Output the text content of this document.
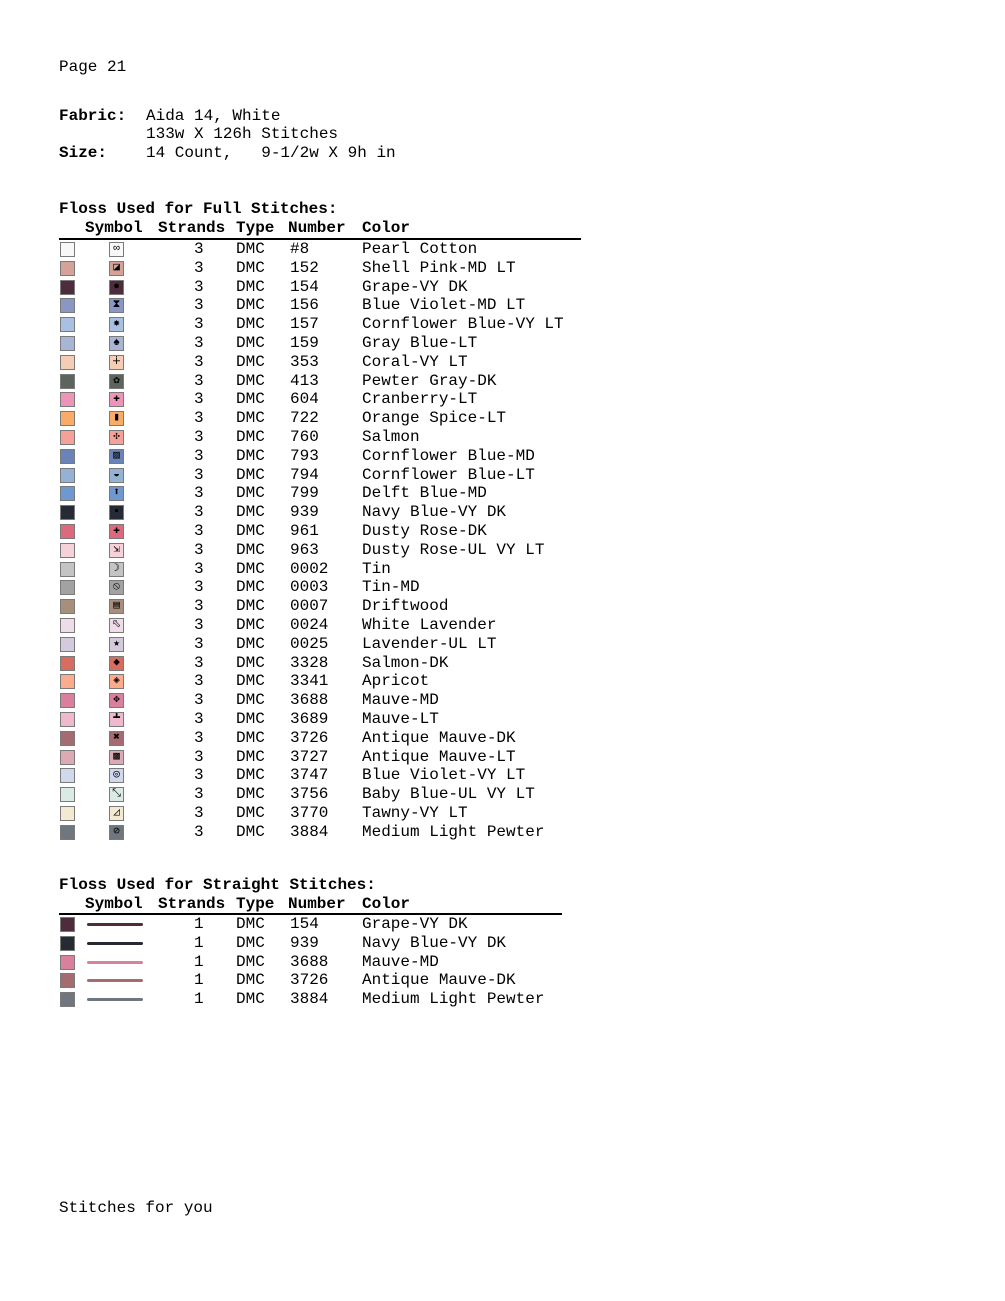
Page 21
Fabric: Aida 14, White
133w X 126h Stitches
Size: 14 Count,   9-1/2w X 9h in
Floss Used for Full Stitches:
Symbol Strands Type Number Color
∞	3 DMC #8	Pearl Cotton
◪	3 DMC 152	Shell Pink-MD LT
●	3 DMC 154	Grape-VY DK
⧗	3 DMC 156	Blue Violet-MD LT
✸	3 DMC 157	Cornflower Blue-VY LT
♠	3 DMC 159	Gray Blue-LT
∔	3 DMC 353	Coral-VY LT
✿	3 DMC 413	Pewter Gray-DK
✚	3 DMC 604	Cranberry-LT
▮	3 DMC 722	Orange Spice-LT
✣	3 DMC 760	Salmon
▨	3 DMC 793	Cornflower Blue-MD
◒	3 DMC 794	Cornflower Blue-LT
⬆	3 DMC 799	Delft Blue-MD
▪	3 DMC 939	Navy Blue-VY DK
✚	3 DMC 961	Dusty Rose-DK
⇲	3 DMC 963	Dusty Rose-UL VY LT
☽	3 DMC 0002 Tin
⦸	3 DMC 0003 Tin-MD
▤	3 DMC 0007 Driftwood
⬁	3 DMC 0024 White Lavender
★	3 DMC 0025 Lavender-UL LT
◆	3 DMC 3328 Salmon-DK
◈	3 DMC 3341 Apricot
✥	3 DMC 3688 Mauve-MD
┻	3 DMC 3689 Mauve-LT
✖	3 DMC 3726 Antique Mauve-DK
▩	3 DMC 3727 Antique Mauve-LT
◎	3 DMC 3747 Blue Violet-VY LT
⤡	3 DMC 3756 Baby Blue-UL VY LT
◿	3 DMC 3770 Tawny-VY LT
⊘	3 DMC 3884 Medium Light Pewter
Floss Used for Straight Stitches:
Symbol Strands Type Number Color
1 DMC 154	Grape-VY DK
1 DMC 939	Navy Blue-VY DK
1 DMC 3688 Mauve-MD
1 DMC 3726 Antique Mauve-DK
1 DMC 3884 Medium Light Pewter
Stitches for you
